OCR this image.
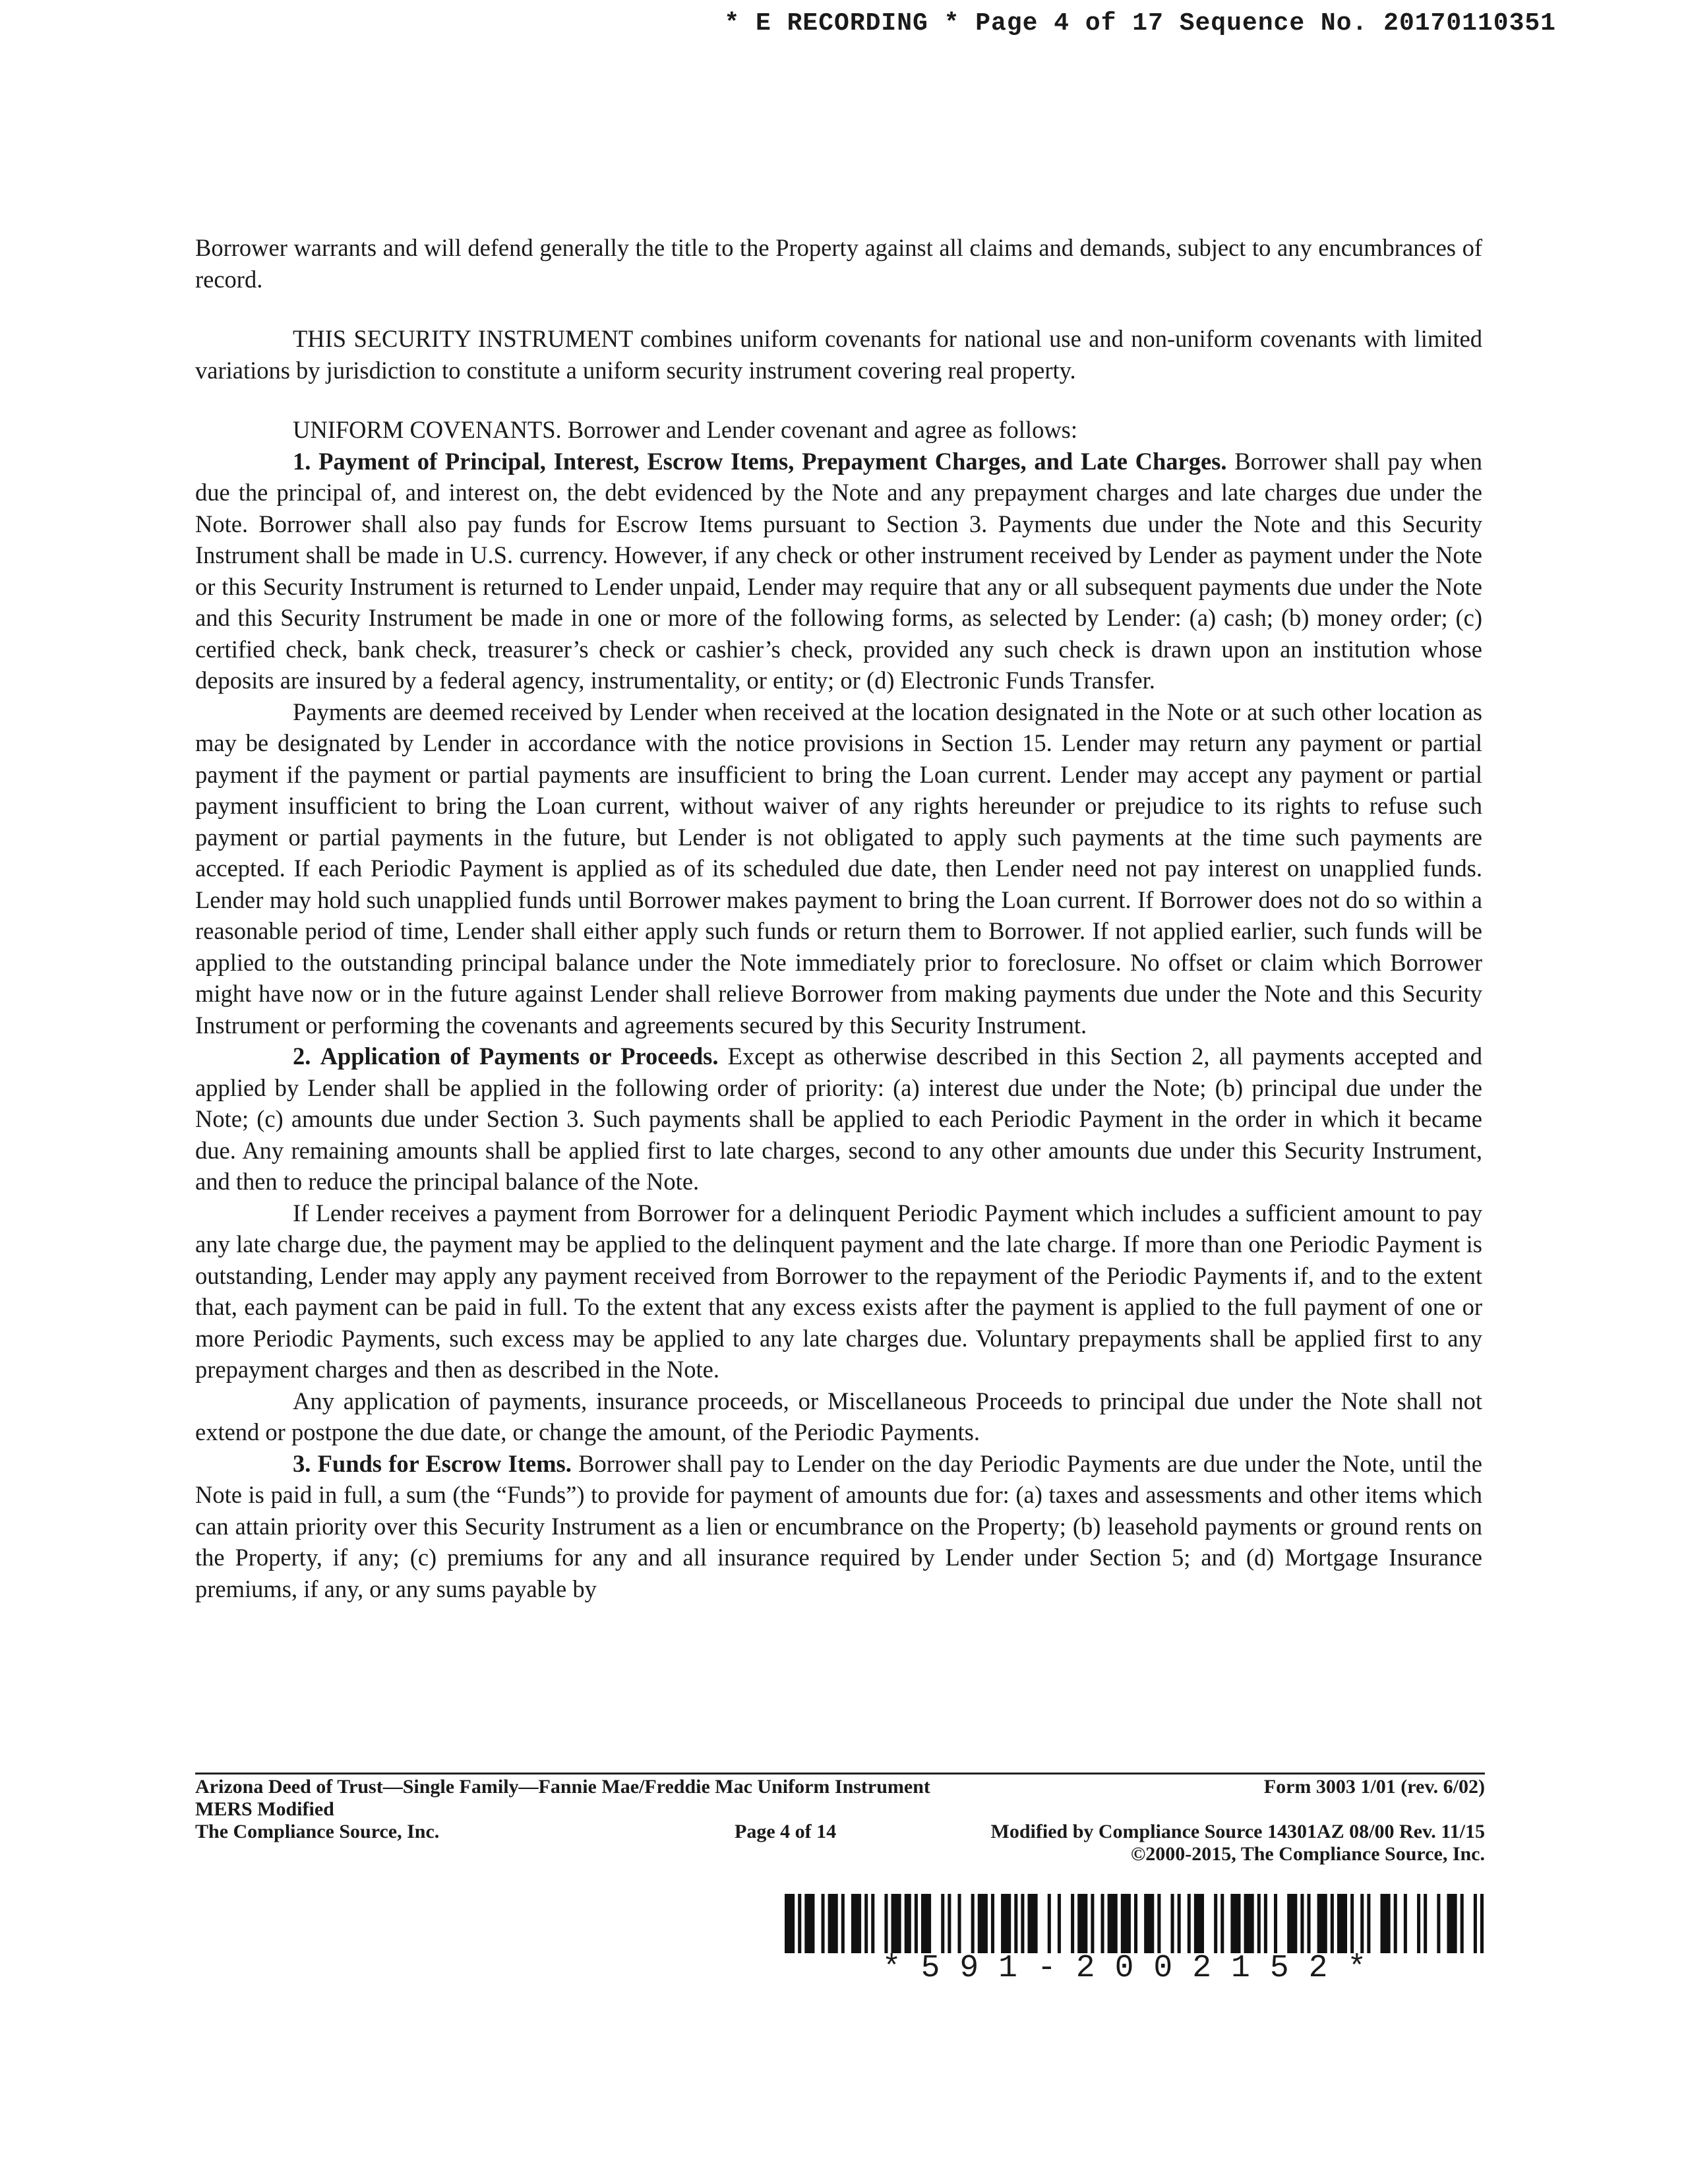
* E RECORDING * Page 4 of 17 Sequence No. 20170110351

Borrower warrants and will defend generally the title to the Property against all claims and demands, subject to any encumbrances of record.

THIS SECURITY INSTRUMENT combines uniform covenants for national use and non-uniform covenants with limited variations by jurisdiction to constitute a uniform security instrument covering real property.

UNIFORM COVENANTS. Borrower and Lender covenant and agree as follows:

1. Payment of Principal, Interest, Escrow Items, Prepayment Charges, and Late Charges. Borrower shall pay when due the principal of, and interest on, the debt evidenced by the Note and any prepayment charges and late charges due under the Note. Borrower shall also pay funds for Escrow Items pursuant to Section 3. Payments due under the Note and this Security Instrument shall be made in U.S. currency. However, if any check or other instrument received by Lender as payment under the Note or this Security Instrument is returned to Lender unpaid, Lender may require that any or all subsequent payments due under the Note and this Security Instrument be made in one or more of the following forms, as selected by Lender: (a) cash; (b) money order; (c) certified check, bank check, treasurer’s check or cashier’s check, provided any such check is drawn upon an institution whose deposits are insured by a federal agency, instrumentality, or entity; or (d) Electronic Funds Transfer.

Payments are deemed received by Lender when received at the location designated in the Note or at such other location as may be designated by Lender in accordance with the notice provisions in Section 15. Lender may return any payment or partial payment if the payment or partial payments are insufficient to bring the Loan current. Lender may accept any payment or partial payment insufficient to bring the Loan current, without waiver of any rights hereunder or prejudice to its rights to refuse such payment or partial payments in the future, but Lender is not obligated to apply such payments at the time such payments are accepted. If each Periodic Payment is applied as of its scheduled due date, then Lender need not pay interest on unapplied funds. Lender may hold such unapplied funds until Borrower makes payment to bring the Loan current. If Borrower does not do so within a reasonable period of time, Lender shall either apply such funds or return them to Borrower. If not applied earlier, such funds will be applied to the outstanding principal balance under the Note immediately prior to foreclosure. No offset or claim which Borrower might have now or in the future against Lender shall relieve Borrower from making payments due under the Note and this Security Instrument or performing the covenants and agreements secured by this Security Instrument.

2. Application of Payments or Proceeds. Except as otherwise described in this Section 2, all payments accepted and applied by Lender shall be applied in the following order of priority: (a) interest due under the Note; (b) principal due under the Note; (c) amounts due under Section 3. Such payments shall be applied to each Periodic Payment in the order in which it became due. Any remaining amounts shall be applied first to late charges, second to any other amounts due under this Security Instrument, and then to reduce the principal balance of the Note.

If Lender receives a payment from Borrower for a delinquent Periodic Payment which includes a sufficient amount to pay any late charge due, the payment may be applied to the delinquent payment and the late charge. If more than one Periodic Payment is outstanding, Lender may apply any payment received from Borrower to the repayment of the Periodic Payments if, and to the extent that, each payment can be paid in full. To the extent that any excess exists after the payment is applied to the full payment of one or more Periodic Payments, such excess may be applied to any late charges due. Voluntary prepayments shall be applied first to any prepayment charges and then as described in the Note.

Any application of payments, insurance proceeds, or Miscellaneous Proceeds to principal due under the Note shall not extend or postpone the due date, or change the amount, of the Periodic Payments.

3. Funds for Escrow Items. Borrower shall pay to Lender on the day Periodic Payments are due under the Note, until the Note is paid in full, a sum (the “Funds”) to provide for payment of amounts due for: (a) taxes and assessments and other items which can attain priority over this Security Instrument as a lien or encumbrance on the Property; (b) leasehold payments or ground rents on the Property, if any; (c) premiums for any and all insurance required by Lender under Section 5; and (d) Mortgage Insurance premiums, if any, or any sums payable by

Arizona Deed of Trust—Single Family—Fannie Mae/Freddie Mac Uniform Instrument	Form 3003 1/01 (rev. 6/02)
MERS Modified
The Compliance Source, Inc.	Page 4 of 14	Modified by Compliance Source 14301AZ 08/00 Rev. 11/15
©2000-2015, The Compliance Source, Inc.
*591-2002152*
